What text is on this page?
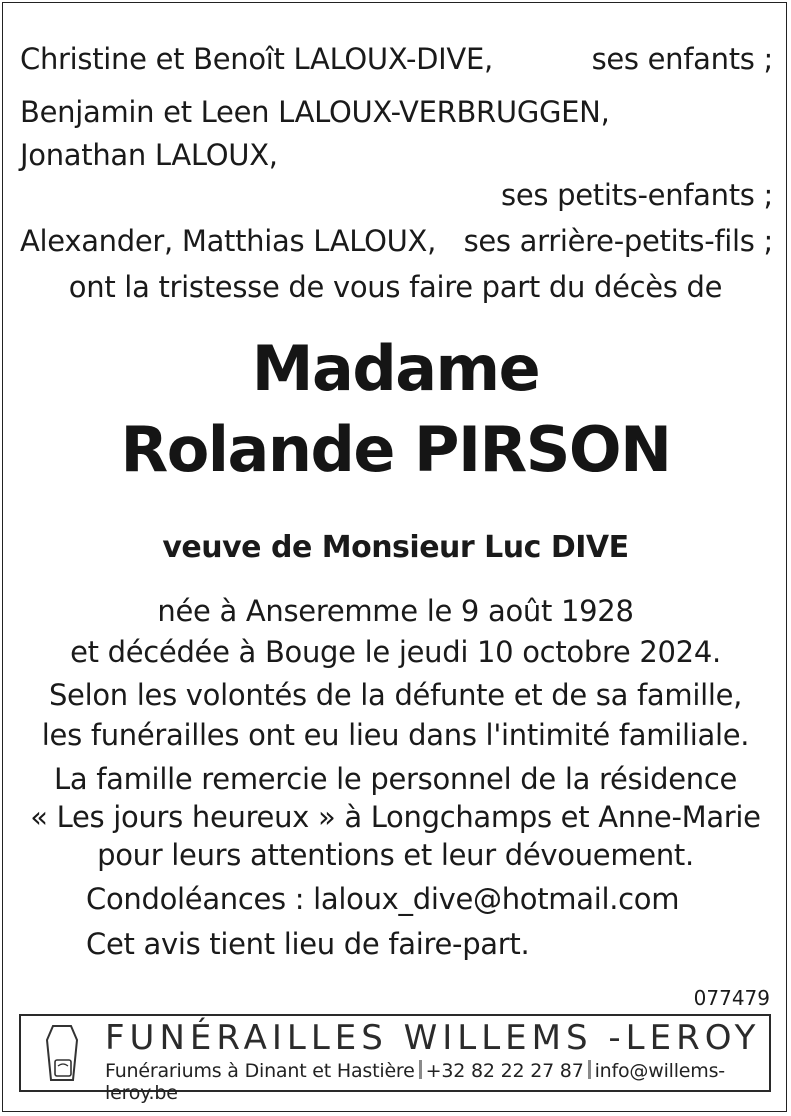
Christine et Benoît LALOUX-DIVE,	ses enfants ;
Benjamin et Leen LALOUX-VERBRUGGEN,
Jonathan LALOUX,
ses petits-enfants ;
Alexander, Matthias LALOUX, ses arrière-petits-fils ;
ont la tristesse de vous faire part du décès de
Madame
Rolande PIRSON
veuve de Monsieur Luc DIVE
née à Anseremme le 9 août 1928
et décédée à Bouge le jeudi 10 octobre 2024.
Selon les volontés de la défunte et de sa famille,
les funérailles ont eu lieu dans l'intimité familiale.
La famille remercie le personnel de la résidence
« Les jours heureux » à Longchamps et Anne-Marie
pour leurs attentions et leur dévouement.
Condoléances : laloux_dive@hotmail.com
Cet avis tient lieu de faire-part.
077479
FUNÉRAILLES WILLEMS -LEROY
Funérariums à Dinant et Hastière +32 82 22 27 87 info@willems-leroy.be
